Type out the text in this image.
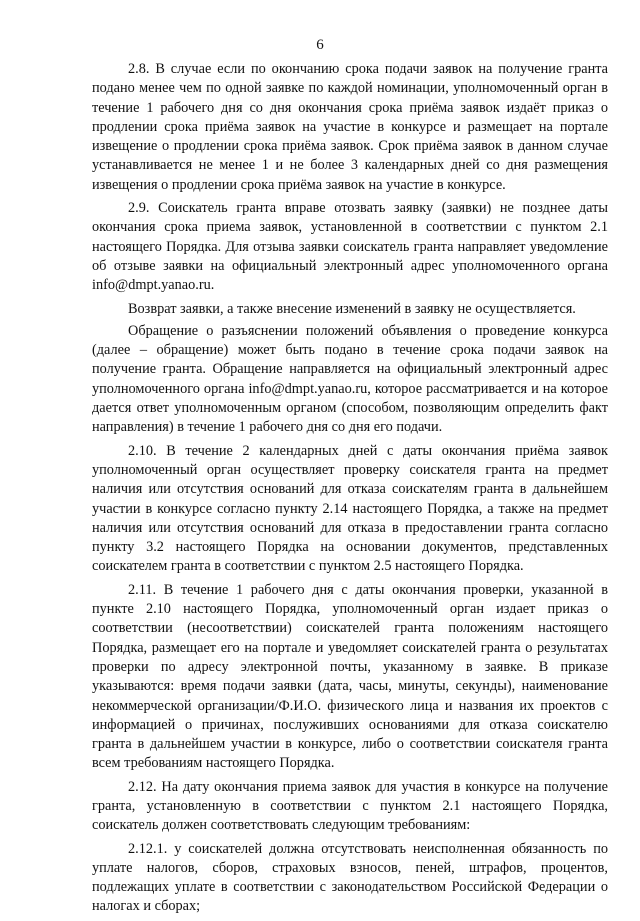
6

2.8. В случае если по окончанию срока подачи заявок на получение гранта подано менее чем по одной заявке по каждой номинации, уполномоченный орган в течение 1 рабочего дня со дня окончания срока приёма заявок издаёт приказ о продлении срока приёма заявок на участие в конкурсе и размещает на портале извещение о продлении срока приёма заявок. Срок приёма заявок в данном случае устанавливается не менее 1 и не более 3 календарных дней со дня размещения извещения о продлении срока приёма заявок на участие в конкурсе.

2.9. Соискатель гранта вправе отозвать заявку (заявки) не позднее даты окончания срока приема заявок, установленной в соответствии с пунктом 2.1 настоящего Порядка. Для отзыва заявки соискатель гранта направляет уведомление об отзыве заявки на официальный электронный адрес уполномоченного органа info@dmpt.yanao.ru.

Возврат заявки, а также внесение изменений в заявку не осуществляется.

Обращение о разъяснении положений объявления о проведение конкурса (далее – обращение) может быть подано в течение срока подачи заявок на получение гранта. Обращение направляется на официальный электронный адрес уполномоченного органа info@dmpt.yanao.ru, которое рассматривается и на которое дается ответ уполномоченным органом (способом, позволяющим определить факт направления) в течение 1 рабочего дня со дня его подачи.

2.10. В течение 2 календарных дней с даты окончания приёма заявок уполномоченный орган осуществляет проверку соискателя гранта на предмет наличия или отсутствия оснований для отказа соискателям гранта в дальнейшем участии в конкурсе согласно пункту 2.14 настоящего Порядка, а также на предмет наличия или отсутствия оснований для отказа в предоставлении гранта согласно пункту 3.2 настоящего Порядка на основании документов, представленных соискателем гранта в соответствии с пунктом 2.5 настоящего Порядка.

2.11. В течение 1 рабочего дня с даты окончания проверки, указанной в пункте 2.10 настоящего Порядка, уполномоченный орган издает приказ о соответствии (несоответствии) соискателей гранта положениям настоящего Порядка, размещает его на портале и уведомляет соискателей гранта о результатах проверки по адресу электронной почты, указанному в заявке. В приказе указываются: время подачи заявки (дата, часы, минуты, секунды), наименование некоммерческой организации/Ф.И.О. физического лица и названия их проектов с информацией о причинах, послуживших основаниями для отказа соискателю гранта в дальнейшем участии в конкурсе, либо о соответствии соискателя гранта всем требованиям настоящего Порядка.

2.12. На дату окончания приема заявок для участия в конкурсе на получение гранта, установленную в соответствии с пунктом 2.1 настоящего Порядка, соискатель должен соответствовать следующим требованиям:

2.12.1. у соискателей должна отсутствовать неисполненная обязанность по уплате налогов, сборов, страховых взносов, пеней, штрафов, процентов, подлежащих уплате в соответствии с законодательством Российской Федерации о налогах и сборах;
